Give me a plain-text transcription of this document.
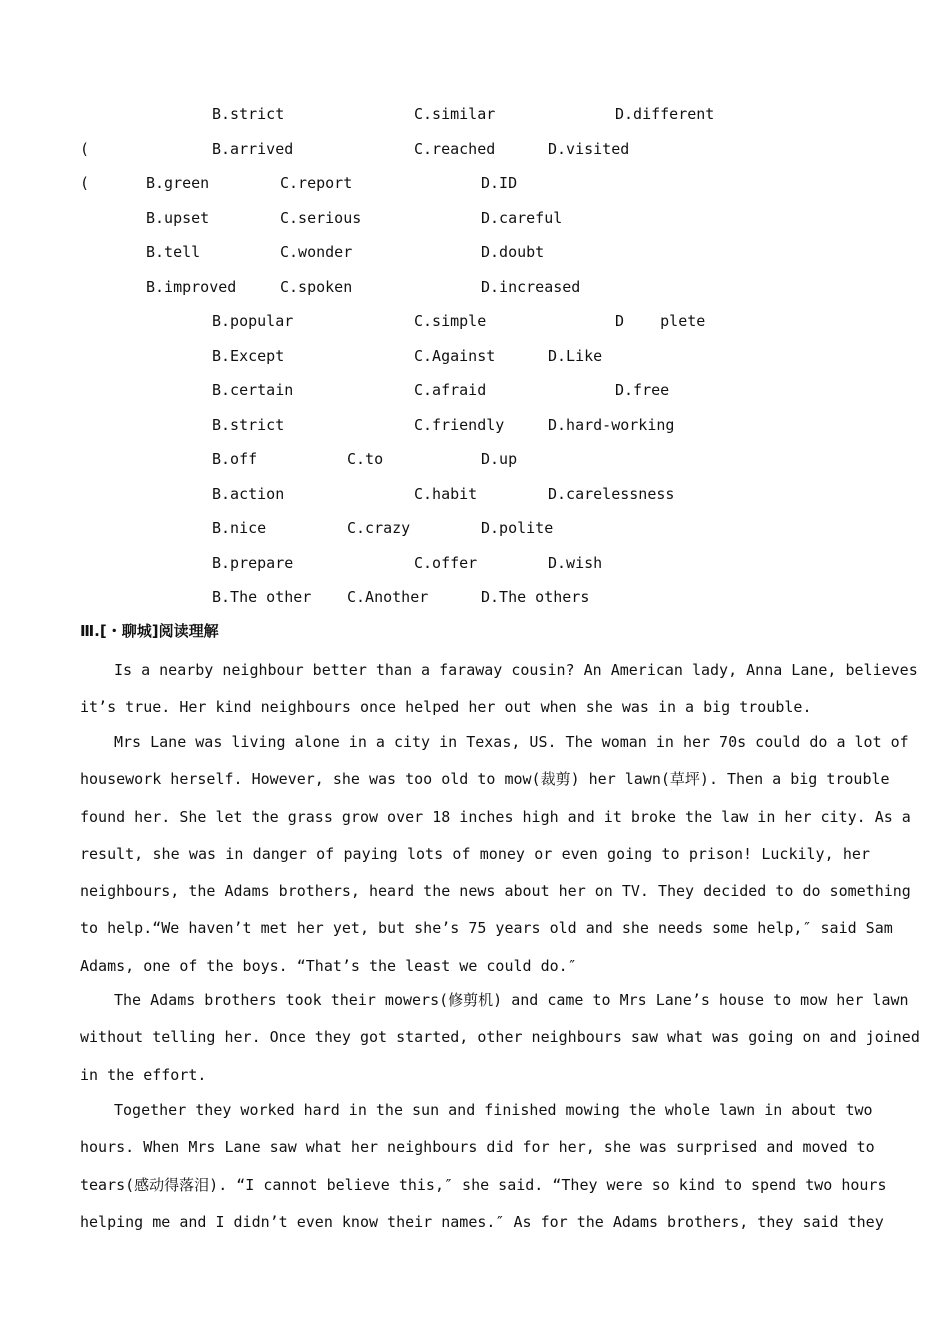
B.strict	C.similar	D.different
(	B.arrived	C.reached	D.visited
(	B.green	C.report	D.ID
B.upset	C.serious	D.careful
B.tell	C.wonder	D.doubt
B.improved	C.spoken	D.increased
B.popular	C.simple	D    plete
B.Except	C.Against	D.Like
B.certain	C.afraid	D.free
B.strict	C.friendly	D.hard-working
B.off	C.to	D.up
B.action	C.habit	D.carelessness
B.nice	C.crazy	D.polite
B.prepare	C.offer	D.wish
B.The other C.Another	D.The others
Ⅲ.[・聊城]阅读理解

Is a nearby neighbour better than a faraway cousin? An American lady, Anna Lane, believes

it’s true. Her kind neighbours once helped her out when she was in a big trouble.

Mrs Lane was living alone in a city in Texas, US. The woman in her 70s could do a lot of

housework herself. However, she was too old to mow(裁剪) her lawn(草坪). Then a big trouble

found her. She let the grass grow over 18 inches high and it broke the law in her city. As a

result, she was in danger of paying lots of money or even going to prison! Luckily, her

neighbours, the Adams brothers, heard the news about her on TV. They decided to do something

to help.“We haven’t met her yet, but she’s 75 years old and she needs some help,″ said Sam

Adams, one of the boys. “That’s the least we could do.″

The Adams brothers took their mowers(修剪机) and came to Mrs Lane’s house to mow her lawn

without telling her. Once they got started, other neighbours saw what was going on and joined

in the effort.

Together they worked hard in the sun and finished mowing the whole lawn in about two

hours. When Mrs Lane saw what her neighbours did for her, she was surprised and moved to

tears(感动得落泪). “I cannot believe this,″ she said. “They were so kind to spend two hours

helping me and I didn’t even know their names.″ As for the Adams brothers, they said they
